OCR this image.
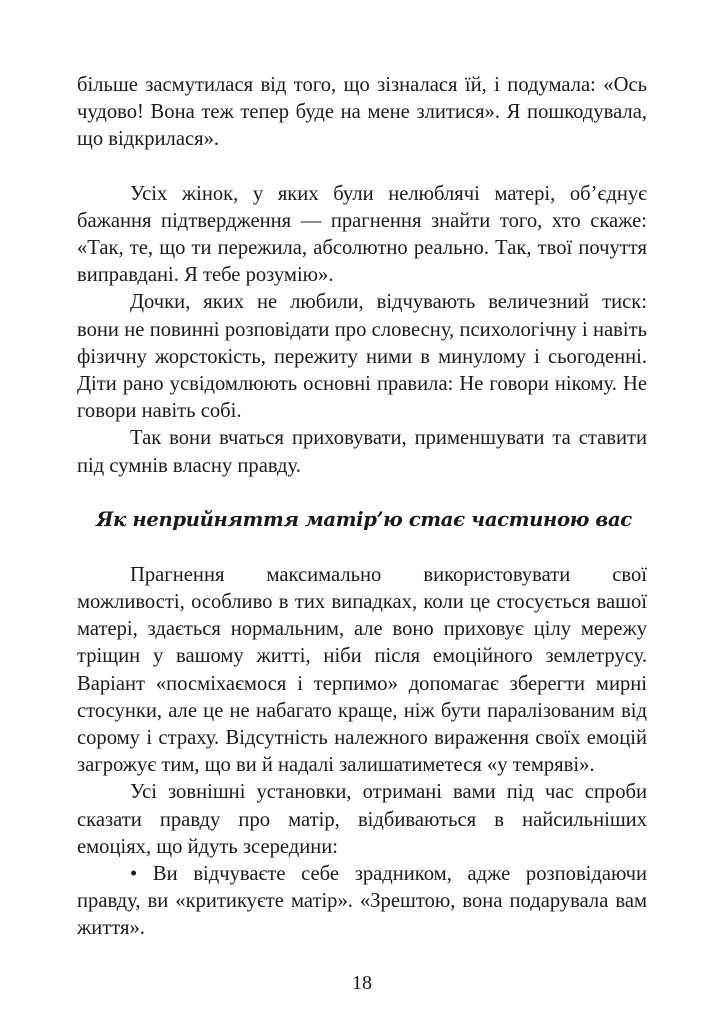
більше засмутилася від того, що зізналася їй, і подумала: «Ось чудово! Вона теж тепер буде на мене злитися». Я пошкодувала, що відкрилася».

Усіх жінок, у яких були нелюблячі матері, об’єднує бажання підтвердження — прагнення знайти того, хто скаже: «Так, те, що ти пережила, абсолютно реально. Так, твої почуття виправдані. Я тебе розумію».

Дочки, яких не любили, відчувають величезний тиск: вони не повинні розповідати про словесну, психологічну і навіть фізичну жорстокість, пережиту ними в минулому і сьогоденні. Діти рано усвідомлюють основні правила: Не говори нікому. Не говори навіть собі.

Так вони вчаться приховувати, применшувати та ставити під сумнів власну правду.

Як неприйняття матір’ю стає частиною вас

Прагнення максимально використовувати свої можливості, особливо в тих випадках, коли це стосується вашої матері, здається нормальним, але воно приховує цілу мережу тріщин у вашому житті, ніби після емоційного землетрусу. Варіант «посміхаємося і терпимо» допомагає зберегти мирні стосунки, але це не набагато краще, ніж бути паралізованим від сорому і страху. Відсутність належного вираження своїх емоцій загрожує тим, що ви й надалі залишатиметеся «у темряві».

Усі зовнішні установки, отримані вами під час спроби сказати правду про матір, відбиваються в найсильніших емоціях, що йдуть зсередини:

• Ви відчуваєте себе зрадником, адже розповідаючи правду, ви «критикуєте матір». «Зрештою, вона подарувала вам життя».

18
